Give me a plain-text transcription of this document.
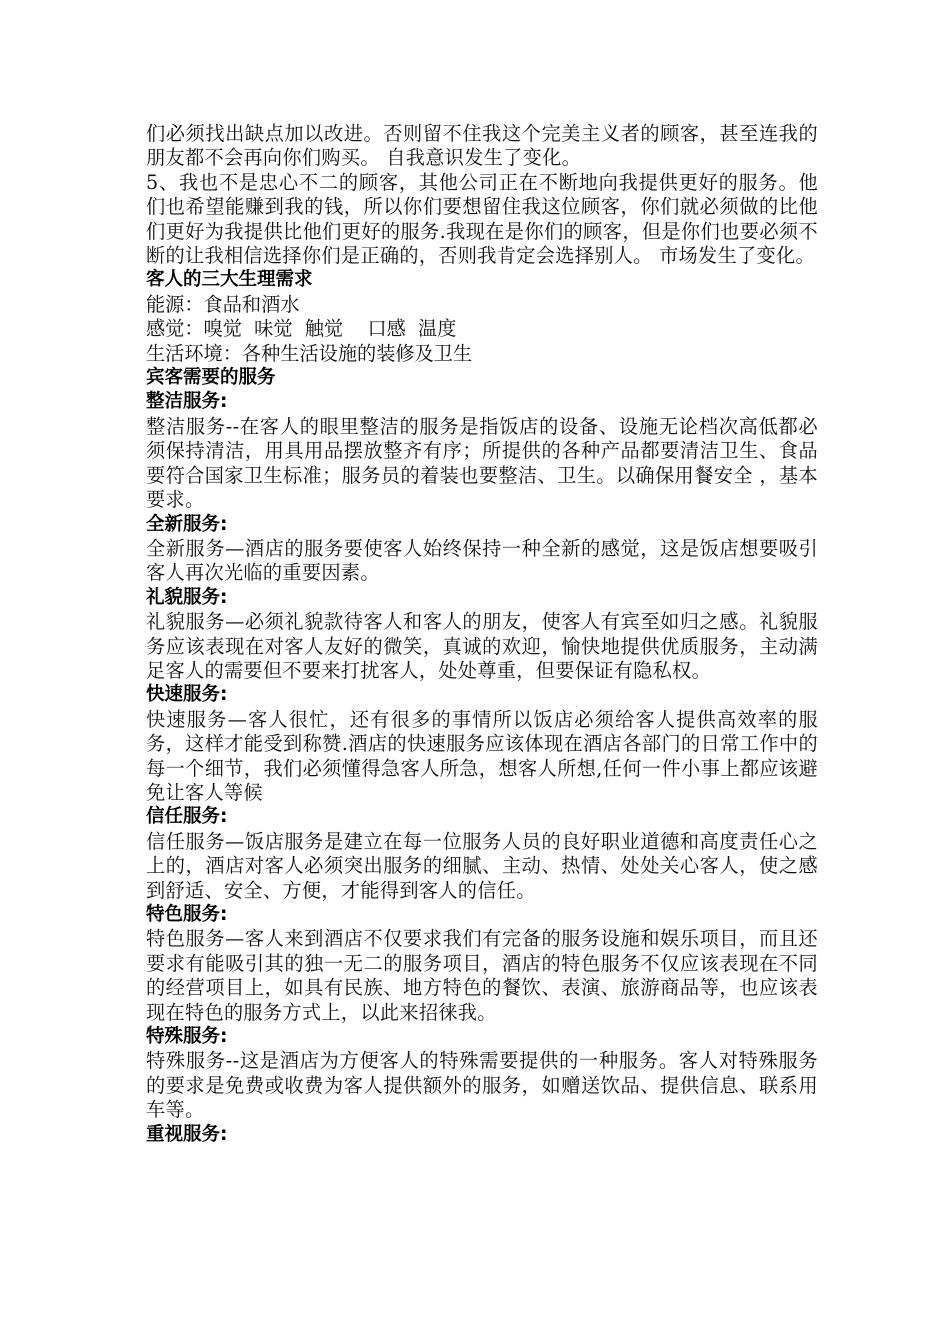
们必须找出缺点加以改进。否则留不住我这个完美主义者的顾客，甚至连我的朋友都不会再向你们购买。 自我意识发生了变化。

5、我也不是忠心不二的顾客，其他公司正在不断地向我提供更好的服务。他们也希望能赚到我的钱，所以你们要想留住我这位顾客，你们就必须做的比他们更好为我提供比他们更好的服务.我现在是你们的顾客，但是你们也要必须不断的让我相信选择你们是正确的，否则我肯定会选择别人。 市场发生了变化。

客人的三大生理需求

能源：食品和酒水

感觉：嗅觉  味觉  触觉    口感  温度

生活环境：各种生活设施的装修及卫生

宾客需要的服务

整洁服务:

整洁服务--在客人的眼里整洁的服务是指饭店的设备、设施无论档次高低都必须保持清洁，用具用品摆放整齐有序；所提供的各种产品都要清洁卫生、食品要符合国家卫生标准；服务员的着装也要整洁、卫生。以确保用餐安全 ，基本要求。

全新服务:

全新服务—酒店的服务要使客人始终保持一种全新的感觉，这是饭店想要吸引客人再次光临的重要因素。

礼貌服务:

礼貌服务—必须礼貌款待客人和客人的朋友，使客人有宾至如归之感。礼貌服务应该表现在对客人友好的微笑，真诚的欢迎，愉快地提供优质服务，主动满足客人的需要但不要来打扰客人，处处尊重，但要保证有隐私权。

快速服务:

快速服务—客人很忙，还有很多的事情所以饭店必须给客人提供高效率的服务，这样才能受到称赞.酒店的快速服务应该体现在酒店各部门的日常工作中的每一个细节，我们必须懂得急客人所急，想客人所想,任何一件小事上都应该避免让客人等候

信任服务:

信任服务—饭店服务是建立在每一位服务人员的良好职业道德和高度责任心之上的，酒店对客人必须突出服务的细腻、主动、热情、处处关心客人，使之感到舒适、安全、方便，才能得到客人的信任。

特色服务:

特色服务—客人来到酒店不仅要求我们有完备的服务设施和娱乐项目，而且还要求有能吸引其的独一无二的服务项目，酒店的特色服务不仅应该表现在不同的经营项目上，如具有民族、地方特色的餐饮、表演、旅游商品等，也应该表现在特色的服务方式上，以此来招徕我。

特殊服务:

特殊服务--这是酒店为方便客人的特殊需要提供的一种服务。客人对特殊服务的要求是免费或收费为客人提供额外的服务，如赠送饮品、提供信息、联系用车等。

重视服务:
